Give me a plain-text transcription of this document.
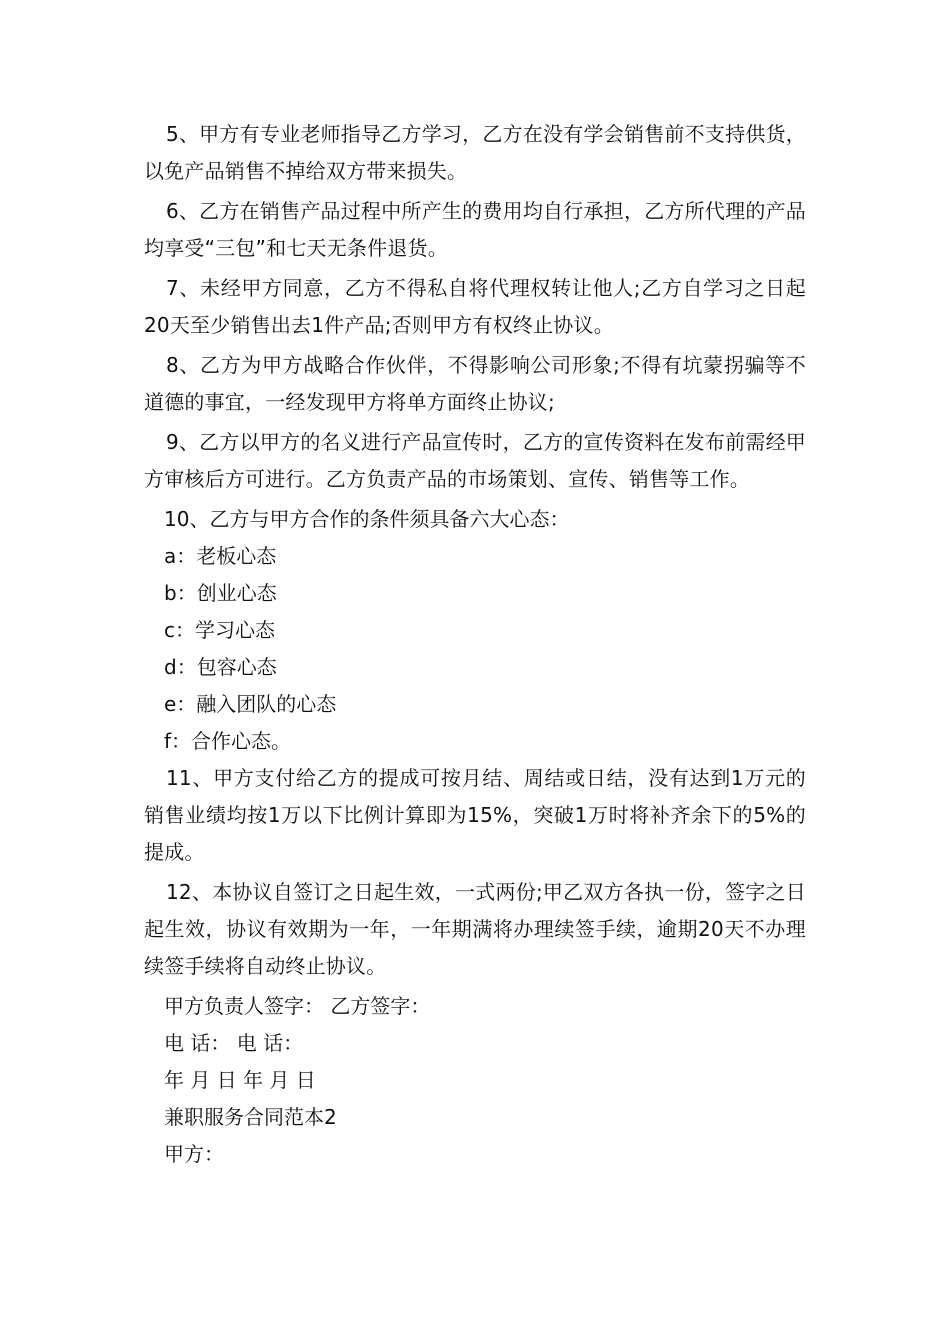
5、甲方有专业老师指导乙方学习，乙方在没有学会销售前不支持供货，以免产品销售不掉给双方带来损失。

6、乙方在销售产品过程中所产生的费用均自行承担，乙方所代理的产品均享受“三包”和七天无条件退货。

7、未经甲方同意，乙方不得私自将代理权转让他人;乙方自学习之日起20天至少销售出去1件产品;否则甲方有权终止协议。

8、乙方为甲方战略合作伙伴，不得影响公司形象;不得有坑蒙拐骗等不道德的事宜，一经发现甲方将单方面终止协议;

9、乙方以甲方的名义进行产品宣传时，乙方的宣传资料在发布前需经甲方审核后方可进行。乙方负责产品的市场策划、宣传、销售等工作。

10、乙方与甲方合作的条件须具备六大心态：

a：老板心态

b：创业心态

c：学习心态

d：包容心态

e：融入团队的心态

f：合作心态。

11、甲方支付给乙方的提成可按月结、周结或日结，没有达到1万元的销售业绩均按1万以下比例计算即为15%，突破1万时将补齐余下的5%的提成。

12、本协议自签订之日起生效，一式两份;甲乙双方各执一份，签字之日起生效，协议有效期为一年，一年期满将办理续签手续，逾期20天不办理续签手续将自动终止协议。

甲方负责人签字： 乙方签字：

电 话： 电 话：

年 月 日 年 月 日

兼职服务合同范本2

甲方：
